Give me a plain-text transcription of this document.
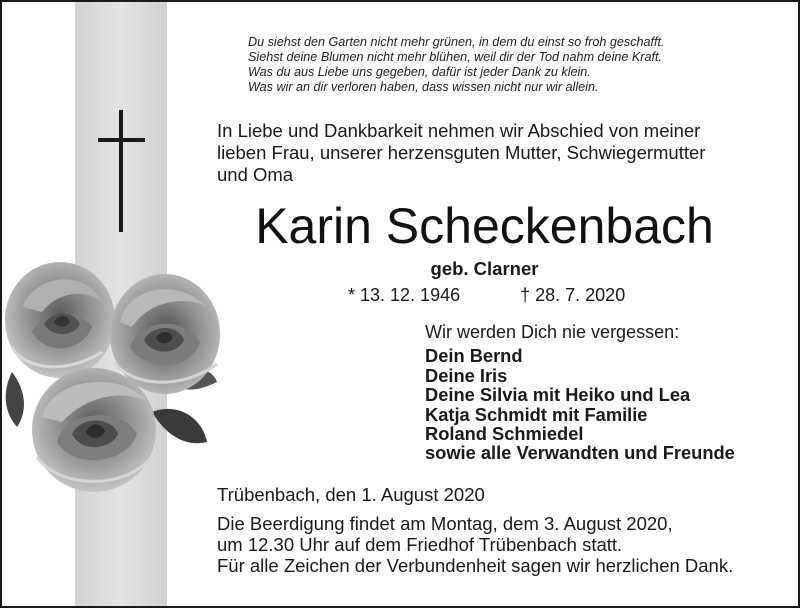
Du siehst den Garten nicht mehr grünen, in dem du einst so froh geschafft.
Siehst deine Blumen nicht mehr blühen, weil dir der Tod nahm deine Kraft.
Was du aus Liebe uns gegeben, dafür ist jeder Dank zu klein.
Was wir an dir verloren haben, dass wissen nicht nur wir allein.
In Liebe und Dankbarkeit nehmen wir Abschied von meiner
lieben Frau, unserer herzensguten Mutter, Schwiegermutter
und Oma
Karin Scheckenbach
geb. Clarner
* 13. 12. 1946	† 28. 7. 2020
Wir werden Dich nie vergessen:
Dein Bernd
Deine Iris
Deine Silvia mit Heiko und Lea
Katja Schmidt mit Familie
Roland Schmiedel
sowie alle Verwandten und Freunde
Trübenbach, den 1. August 2020
Die Beerdigung findet am Montag, dem 3. August 2020,
um 12.30 Uhr auf dem Friedhof Trübenbach statt.
Für alle Zeichen der Verbundenheit sagen wir herzlichen Dank.
